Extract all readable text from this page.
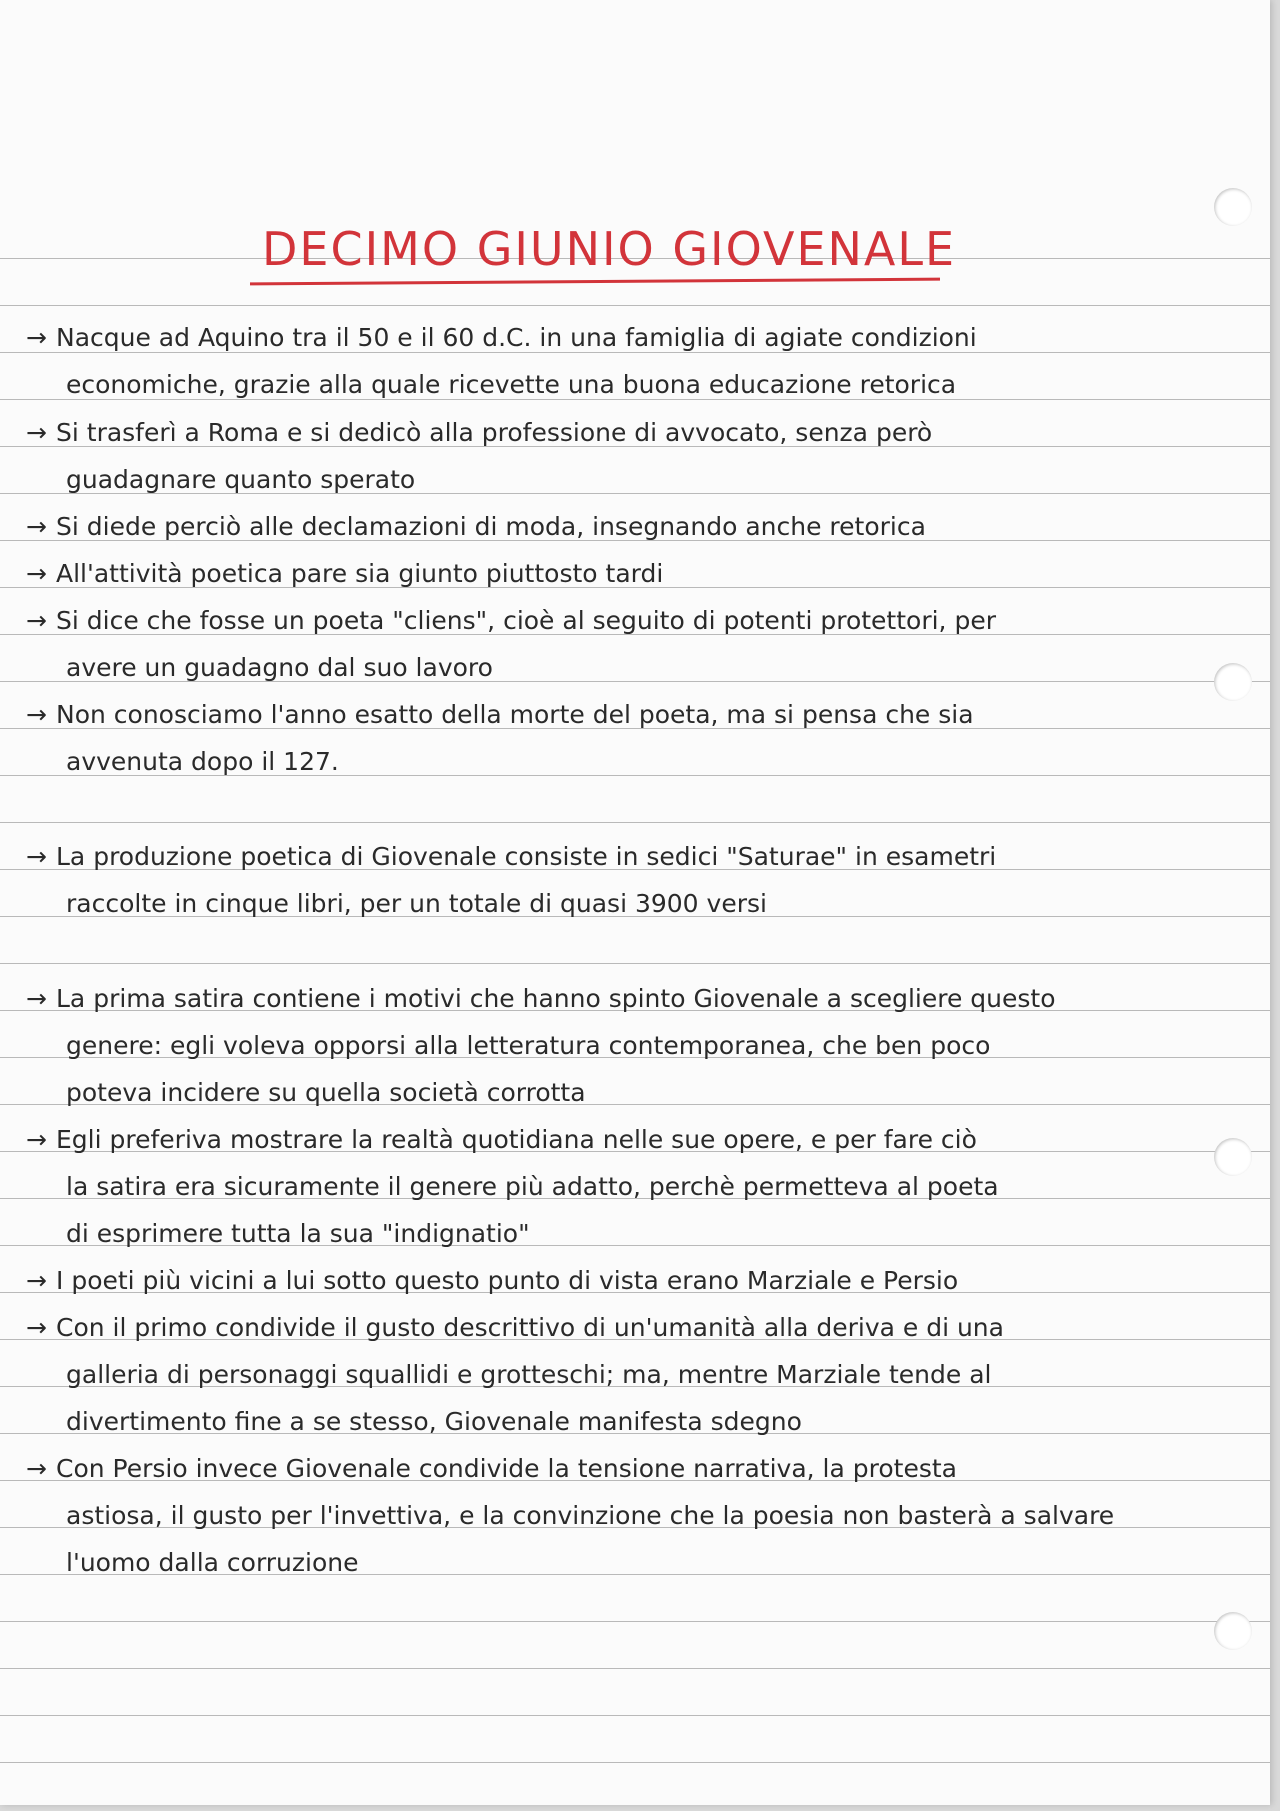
DECIMO GIUNIO GIOVENALE
→ Nacque ad Aquino tra il 50 e il 60 d.C. in una famiglia di agiate condizioni
economiche, grazie alla quale ricevette una buona educazione retorica
→ Si trasferì a Roma e si dedicò alla professione di avvocato, senza però
guadagnare quanto sperato
→ Si diede perciò alle declamazioni di moda, insegnando anche retorica
→ All'attività poetica pare sia giunto piuttosto tardi
→ Si dice che fosse un poeta "cliens", cioè al seguito di potenti protettori, per
avere un guadagno dal suo lavoro
→ Non conosciamo l'anno esatto della morte del poeta, ma si pensa che sia
avvenuta dopo il 127.
→ La produzione poetica di Giovenale consiste in sedici "Saturae" in esametri
raccolte in cinque libri, per un totale di quasi 3900 versi
→ La prima satira contiene i motivi che hanno spinto Giovenale a scegliere questo
genere: egli voleva opporsi alla letteratura contemporanea, che ben poco
poteva incidere su quella società corrotta
→ Egli preferiva mostrare la realtà quotidiana nelle sue opere, e per fare ciò
la satira era sicuramente il genere più adatto, perchè permetteva al poeta
di esprimere tutta la sua "indignatio"
→ I poeti più vicini a lui sotto questo punto di vista erano Marziale e Persio
→ Con il primo condivide il gusto descrittivo di un'umanità alla deriva e di una
galleria di personaggi squallidi e grotteschi; ma, mentre Marziale tende al
divertimento fine a se stesso, Giovenale manifesta sdegno
→ Con Persio invece Giovenale condivide la tensione narrativa, la protesta
astiosa, il gusto per l'invettiva, e la convinzione che la poesia non basterà a salvare
l'uomo dalla corruzione
